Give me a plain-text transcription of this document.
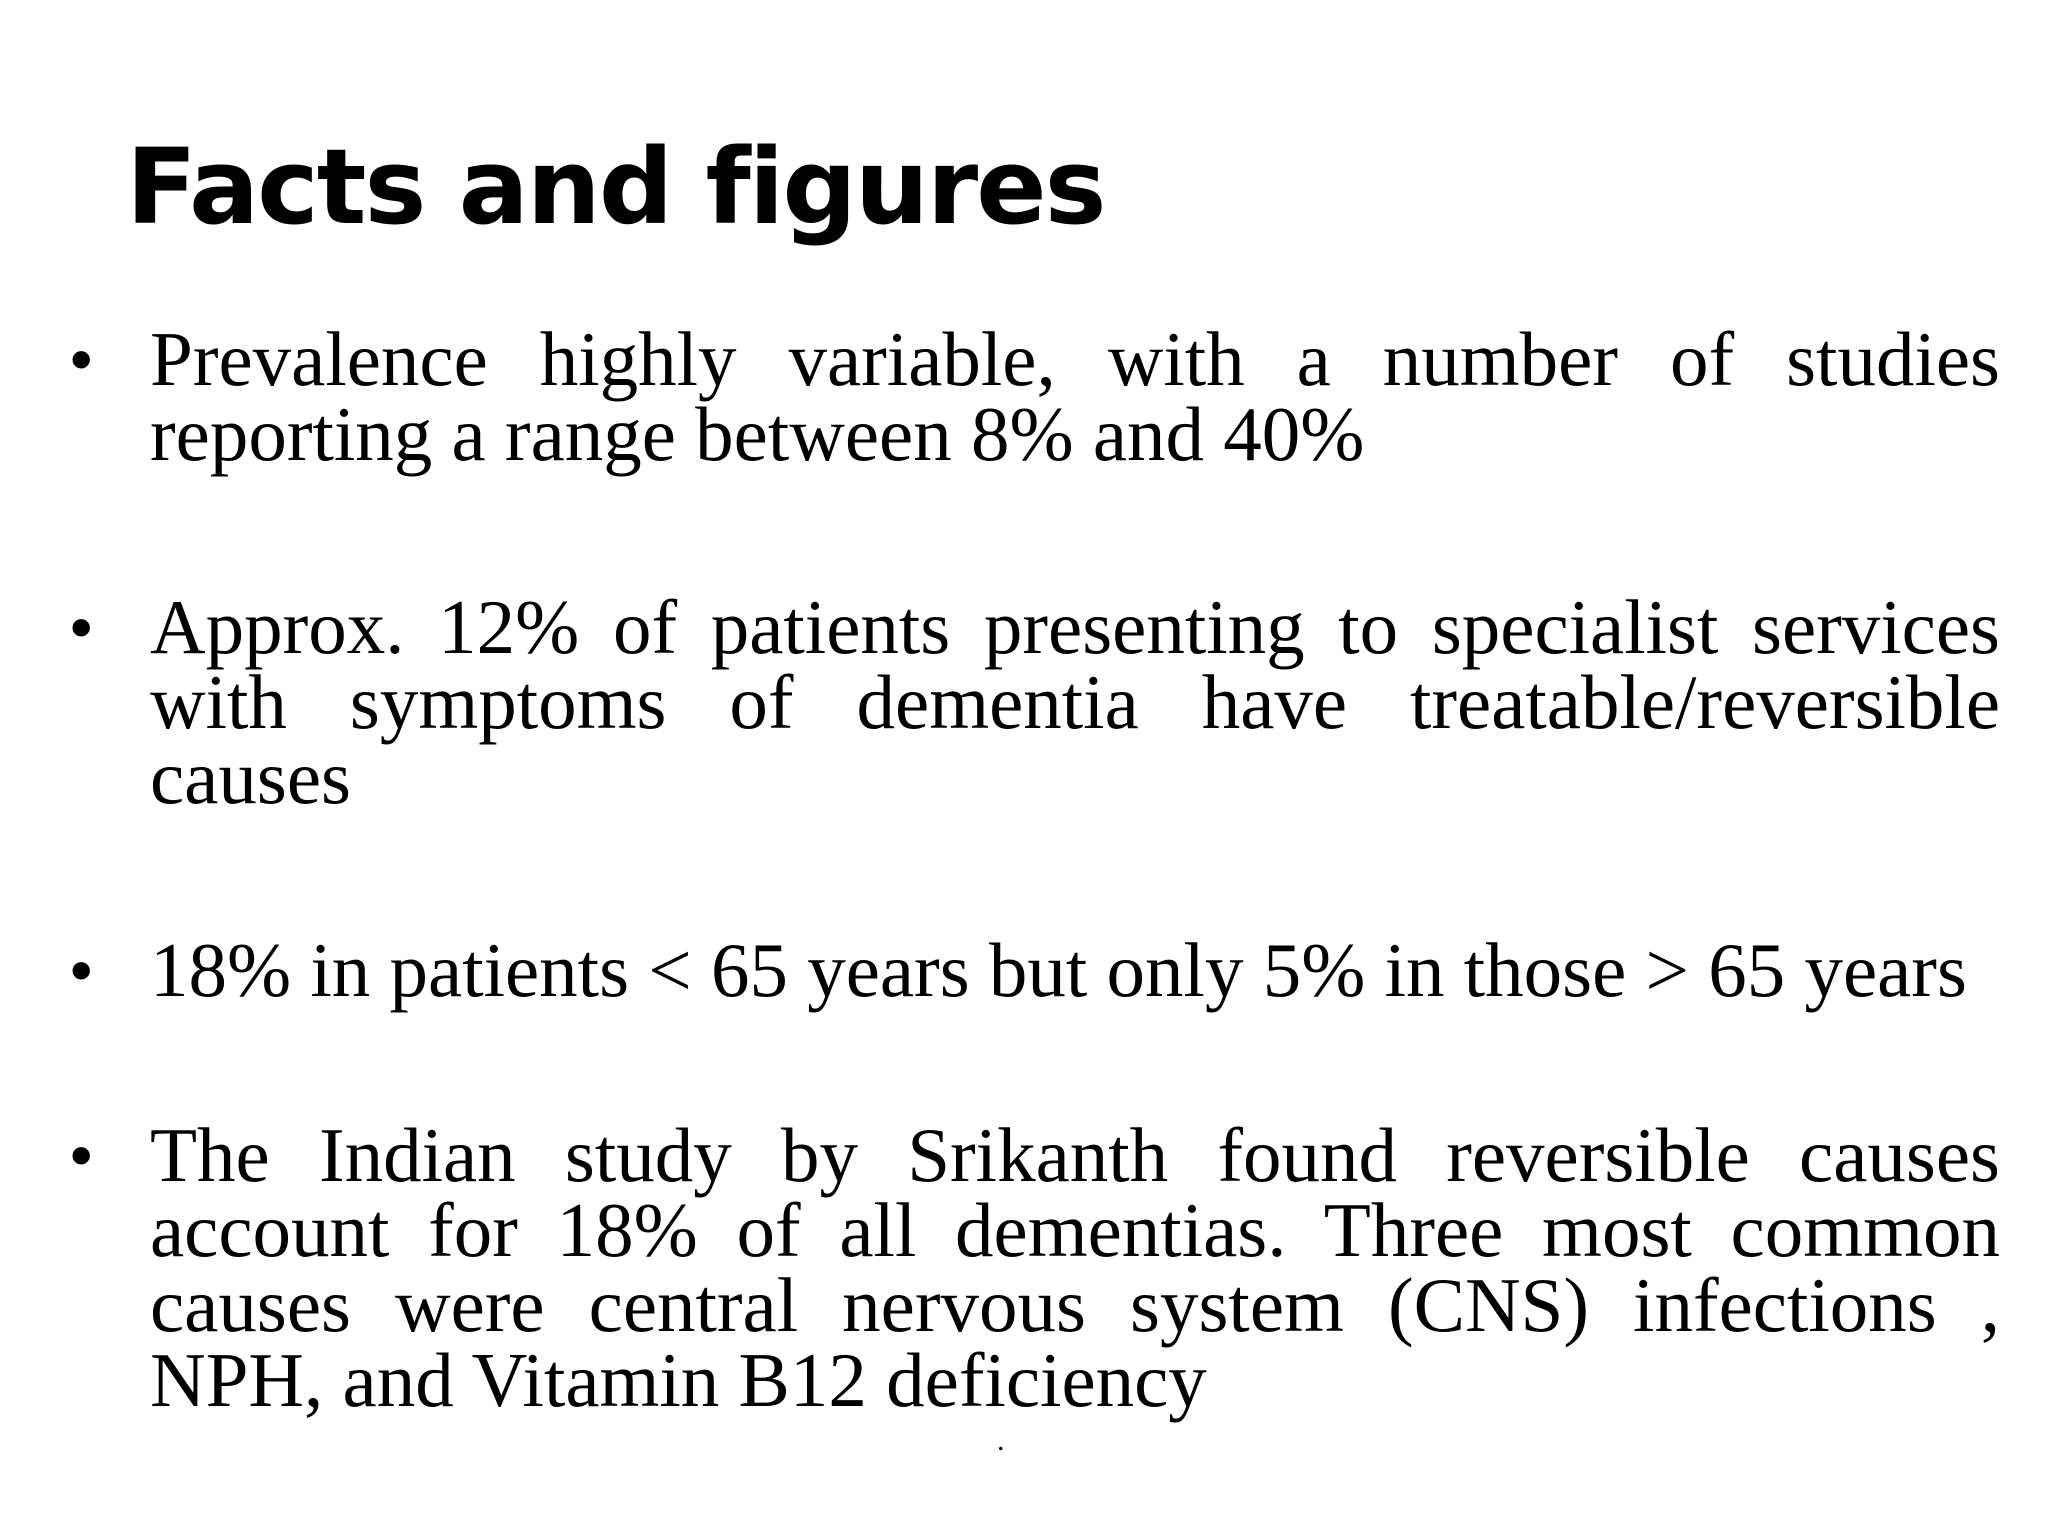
Facts and figures
• Prevalence highly variable, with a number of studies reporting a range between 8% and 40%

• Approx. 12% of patients presenting to specialist services with symptoms of dementia have treatable/reversible causes

• 18% in patients < 65 years but only 5% in those > 65 years

• The Indian study by Srikanth found reversible causes account for 18% of all dementias. Three most common causes were central nervous system (CNS) infections , NPH, and Vitamin B12 deficiency

.
